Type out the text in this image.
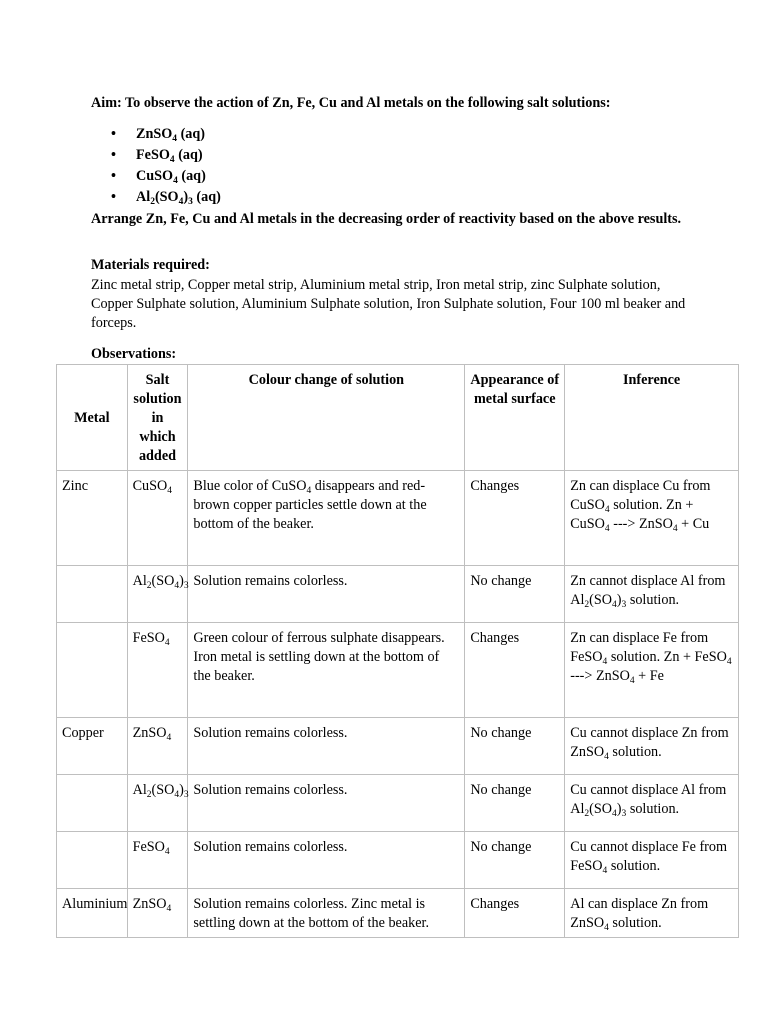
Aim: To observe the action of Zn, Fe, Cu and Al metals on the following salt solutions:
• ZnSO$_4$ (aq)
• FeSO$_4$ (aq)
• CuSO$_4$ (aq)
• $Al_2(SO_4)_3$ (aq)
Arrange Zn, Fe, Cu and Al metals in the decreasing order of reactivity based on the above results.
Materials required:
Zinc metal strip, Copper metal strip, Aluminium metal strip, Iron metal strip, zinc Sulphate solution, Copper Sulphate solution, Aluminium Sulphate solution, Iron Sulphate solution, Four 100 ml beaker and forceps.
Observations:
Metal	Salt solution in which added	Colour change of solution	Appearance of metal surface	Inference
Zinc	CuSO$_4$	Blue color of CuSO$_4$ disappears and red-brown copper particles settle down at the bottom of the beaker.	Changes	Zn can displace Cu from CuSO$_4$ solution. Zn + CuSO$_4$ ---> ZnSO$_4$ + Cu
	$Al_2(SO_4)_3$	Solution remains colorless.	No change	Zn cannot displace Al from $Al_2(SO_4)_3$ solution.
	FeSO$_4$	Green colour of ferrous sulphate disappears. Iron metal is settling down at the bottom of the beaker.	Changes	Zn can displace Fe from FeSO$_4$ solution. Zn + FeSO$_4$ ---> ZnSO$_4$ + Fe
Copper	ZnSO$_4$	Solution remains colorless.	No change	Cu cannot displace Zn from ZnSO$_4$ solution.
	$Al_2(SO_4)_3$	Solution remains colorless.	No change	Cu cannot displace Al from $Al_2(SO_4)_3$ solution.
	FeSO$_4$	Solution remains colorless.	No change	Cu cannot displace Fe from FeSO$_4$ solution.
Aluminium	ZnSO$_4$	Solution remains colorless. Zinc metal is settling down at the bottom of the beaker.	Changes	Al can displace Zn from ZnSO$_4$ solution.
